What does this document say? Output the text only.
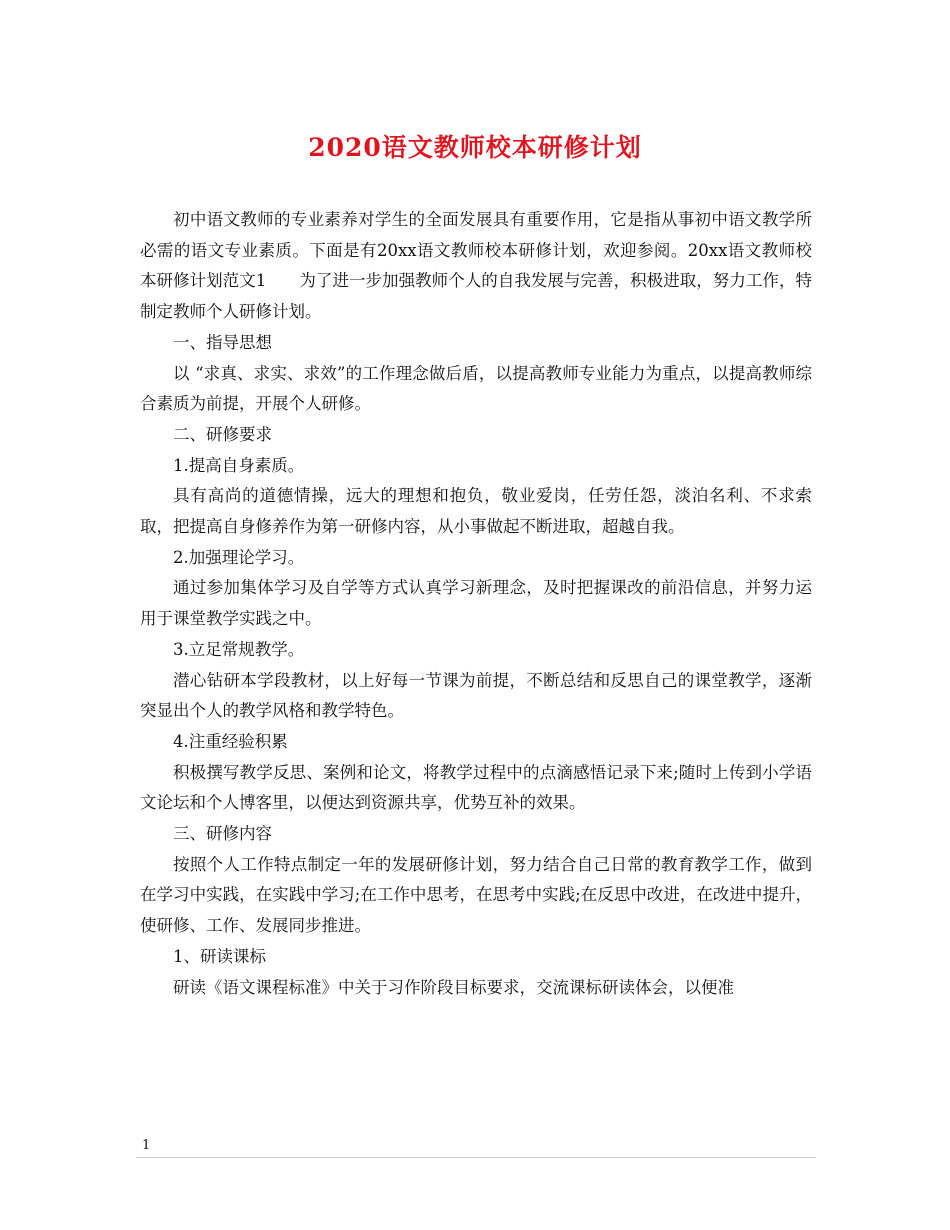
2020语文教师校本研修计划

初中语文教师的专业素养对学生的全面发展具有重要作用，它是指从事初中语文教学所必需的语文专业素质。下面是有20xx语文教师校本研修计划，欢迎参阅。20xx语文教师校本研修计划范文1　　为了进一步加强教师个人的自我发展与完善，积极进取，努力工作，特制定教师个人研修计划。

一、指导思想

以 “求真、求实、求效”的工作理念做后盾，以提高教师专业能力为重点，以提高教师综合素质为前提，开展个人研修。

二、研修要求

1.提高自身素质。

具有高尚的道德情操，远大的理想和抱负，敬业爱岗，任劳任怨，淡泊名利、不求索取，把提高自身修养作为第一研修内容，从小事做起不断进取，超越自我。

2.加强理论学习。

通过参加集体学习及自学等方式认真学习新理念，及时把握课改的前沿信息，并努力运用于课堂教学实践之中。

3.立足常规教学。

潜心钻研本学段教材，以上好每一节课为前提，不断总结和反思自己的课堂教学，逐渐突显出个人的教学风格和教学特色。

4.注重经验积累

积极撰写教学反思、案例和论文，将教学过程中的点滴感悟记录下来;随时上传到小学语文论坛和个人博客里，以便达到资源共享，优势互补的效果。

三、研修内容

按照个人工作特点制定一年的发展研修计划，努力结合自己日常的教育教学工作，做到在学习中实践，在实践中学习;在工作中思考，在思考中实践;在反思中改进，在改进中提升，使研修、工作、发展同步推进。

1、研读课标

研读《语文课程标准》中关于习作阶段目标要求，交流课标研读体会，以便准

1
